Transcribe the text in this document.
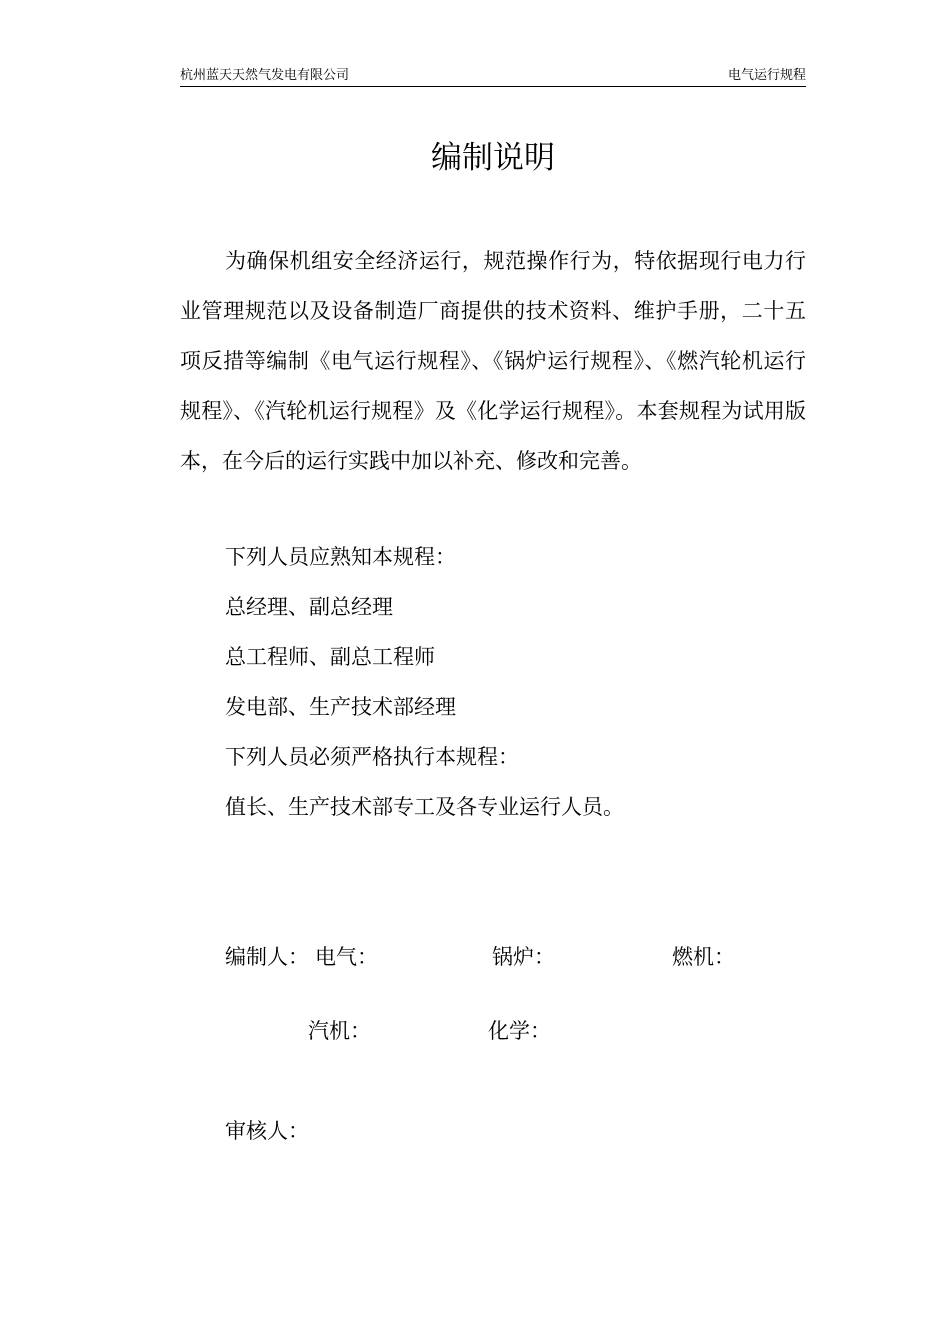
杭州蓝天天然气发电有限公司	电气运行规程
编制说明

为确保机组安全经济运行，规范操作行为，特依据现行电力行业管理规范以及设备制造厂商提供的技术资料、维护手册，二十五项反措等编制《电气运行规程》、《锅炉运行规程》、《燃汽轮机运行规程》、《汽轮机运行规程》及《化学运行规程》。本套规程为试用版本，在今后的运行实践中加以补充、修改和完善。

下列人员应熟知本规程：
总经理、副总经理
总工程师、副总工程师
发电部、生产技术部经理
下列人员必须严格执行本规程：
值长、生产技术部专工及各专业运行人员。
编制人： 电气：	锅炉：	燃机：
汽机：	化学：
审核人：
